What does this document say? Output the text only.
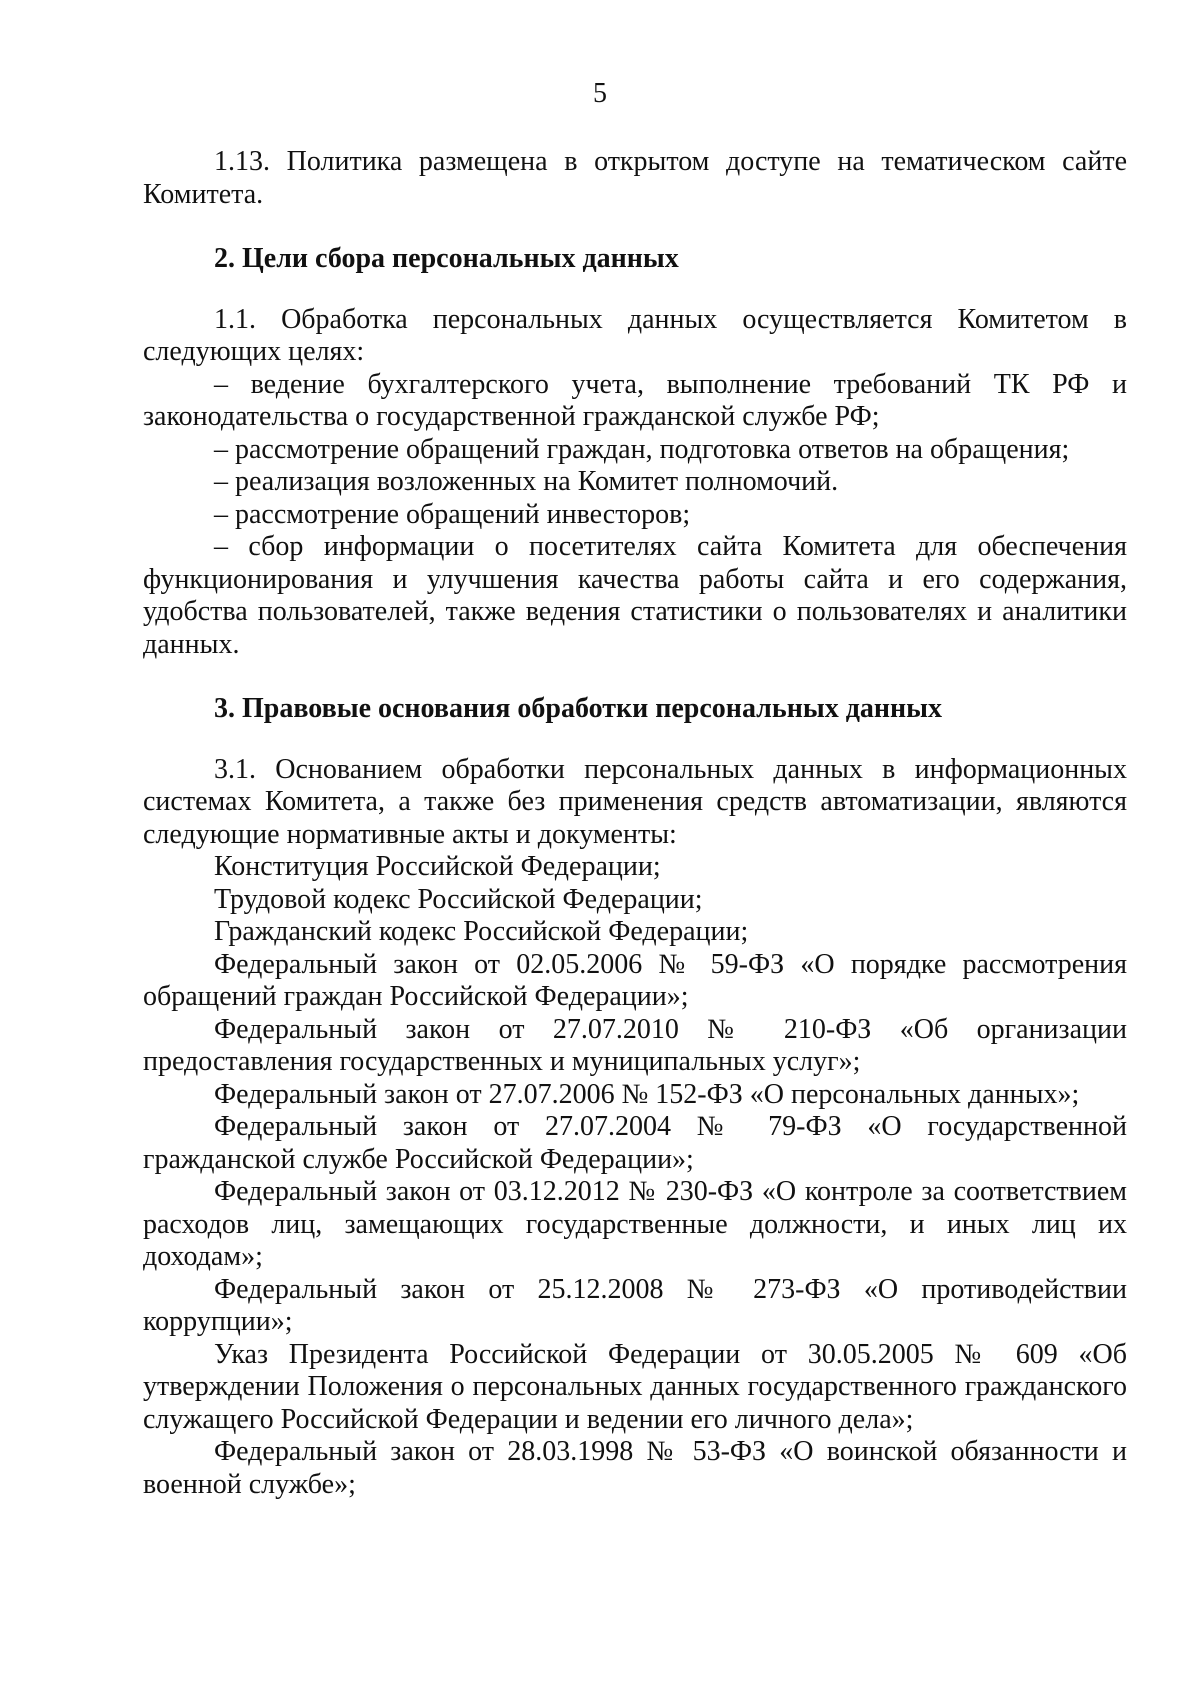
5

1.13. Политика размещена в открытом доступе на тематическом сайте Комитета.

2. Цели сбора персональных данных

1.1. Обработка персональных данных осуществляется Комитетом в следующих целях:

– ведение бухгалтерского учета, выполнение требований ТК РФ и законодательства о государственной гражданской службе РФ;

– рассмотрение обращений граждан, подготовка ответов на обращения;

– реализация возложенных на Комитет полномочий.

– рассмотрение обращений инвесторов;

– сбор информации о посетителях сайта Комитета для обеспечения функционирования и улучшения качества работы сайта и его содержания, удобства пользователей, также ведения статистики о пользователях и аналитики данных.

3. Правовые основания обработки персональных данных

3.1. Основанием обработки персональных данных в информационных системах Комитета, а также без применения средств автоматизации, являются следующие нормативные акты и документы:

Конституция Российской Федерации;

Трудовой кодекс Российской Федерации;

Гражданский кодекс Российской Федерации;

Федеральный закон от 02.05.2006 № 59-ФЗ «О порядке рассмотрения обращений граждан Российской Федерации»;

Федеральный закон от 27.07.2010 № 210-ФЗ «Об организации предоставления государственных и муниципальных услуг»;

Федеральный закон от 27.07.2006 № 152-ФЗ «О персональных данных»;

Федеральный закон от 27.07.2004 № 79-ФЗ «О государственной гражданской службе Российской Федерации»;

Федеральный закон от 03.12.2012 № 230-ФЗ «О контроле за соответствием расходов лиц, замещающих государственные должности, и иных лиц их доходам»;

Федеральный закон от 25.12.2008 № 273-ФЗ «О противодействии коррупции»;

Указ Президента Российской Федерации от 30.05.2005 № 609 «Об утверждении Положения о персональных данных государственного гражданского служащего Российской Федерации и ведении его личного дела»;

Федеральный закон от 28.03.1998 № 53-ФЗ «О воинской обязанности и военной службе»;
